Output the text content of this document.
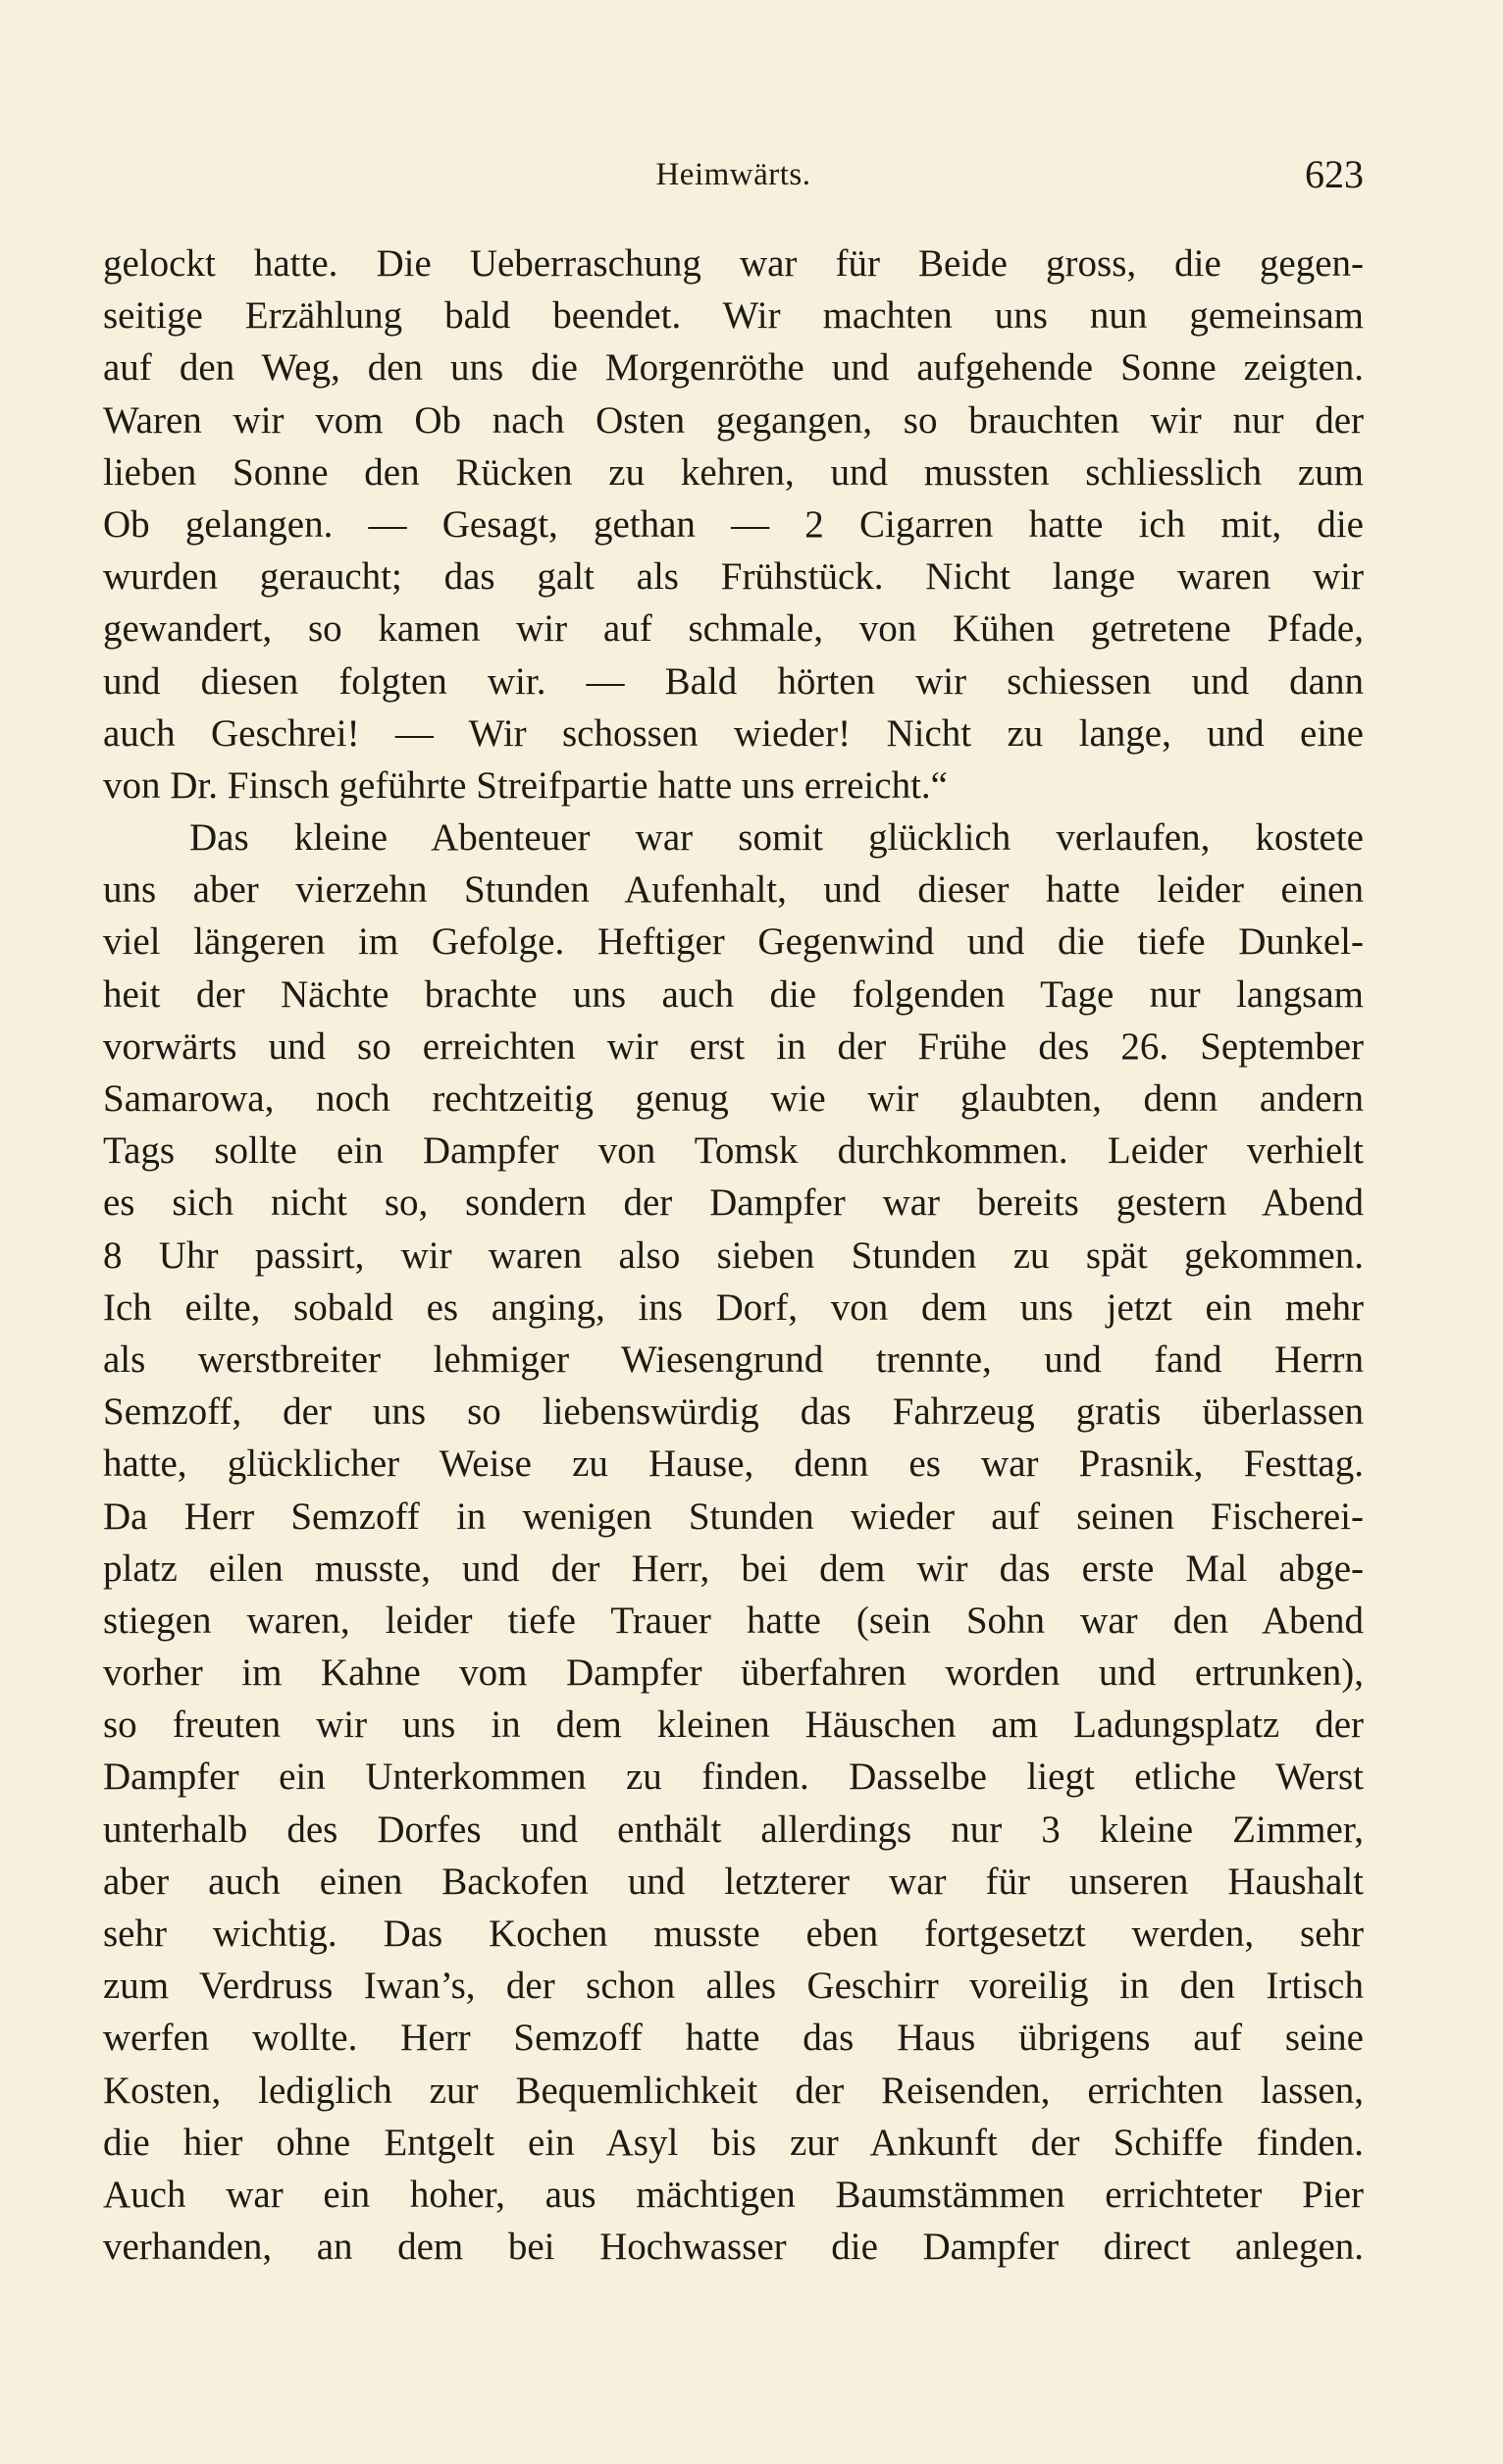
Heimwärts.	623
gelockt hatte. Die Ueberraschung war für Beide gross, die gegen-
seitige Erzählung bald beendet. Wir machten uns nun gemeinsam
auf den Weg, den uns die Morgenröthe und aufgehende Sonne zeigten.
Waren wir vom Ob nach Osten gegangen, so brauchten wir nur der
lieben Sonne den Rücken zu kehren, und mussten schliesslich zum
Ob gelangen. — Gesagt, gethan — 2 Cigarren hatte ich mit, die
wurden geraucht; das galt als Frühstück. Nicht lange waren wir
gewandert, so kamen wir auf schmale, von Kühen getretene Pfade,
und diesen folgten wir. — Bald hörten wir schiessen und dann
auch Geschrei! — Wir schossen wieder! Nicht zu lange, und eine
von Dr. Finsch geführte Streifpartie hatte uns erreicht.“
Das kleine Abenteuer war somit glücklich verlaufen, kostete
uns aber vierzehn Stunden Aufenhalt, und dieser hatte leider einen
viel längeren im Gefolge. Heftiger Gegenwind und die tiefe Dunkel-
heit der Nächte brachte uns auch die folgenden Tage nur langsam
vorwärts und so erreichten wir erst in der Frühe des 26. September
Samarowa, noch rechtzeitig genug wie wir glaubten, denn andern
Tags sollte ein Dampfer von Tomsk durchkommen. Leider verhielt
es sich nicht so, sondern der Dampfer war bereits gestern Abend
8 Uhr passirt, wir waren also sieben Stunden zu spät gekommen.
Ich eilte, sobald es anging, ins Dorf, von dem uns jetzt ein mehr
als werstbreiter lehmiger Wiesengrund trennte, und fand Herrn
Semzoff, der uns so liebenswürdig das Fahrzeug gratis überlassen
hatte, glücklicher Weise zu Hause, denn es war Prasnik, Festtag.
Da Herr Semzoff in wenigen Stunden wieder auf seinen Fischerei-
platz eilen musste, und der Herr, bei dem wir das erste Mal abge-
stiegen waren, leider tiefe Trauer hatte (sein Sohn war den Abend
vorher im Kahne vom Dampfer überfahren worden und ertrunken),
so freuten wir uns in dem kleinen Häuschen am Ladungsplatz der
Dampfer ein Unterkommen zu finden. Dasselbe liegt etliche Werst
unterhalb des Dorfes und enthält allerdings nur 3 kleine Zimmer,
aber auch einen Backofen und letzterer war für unseren Haushalt
sehr wichtig. Das Kochen musste eben fortgesetzt werden, sehr
zum Verdruss Iwan’s, der schon alles Geschirr voreilig in den Irtisch
werfen wollte. Herr Semzoff hatte das Haus übrigens auf seine
Kosten, lediglich zur Bequemlichkeit der Reisenden, errichten lassen,
die hier ohne Entgelt ein Asyl bis zur Ankunft der Schiffe finden.
Auch war ein hoher, aus mächtigen Baumstämmen errichteter Pier
verhanden, an dem bei Hochwasser die Dampfer direct anlegen.
